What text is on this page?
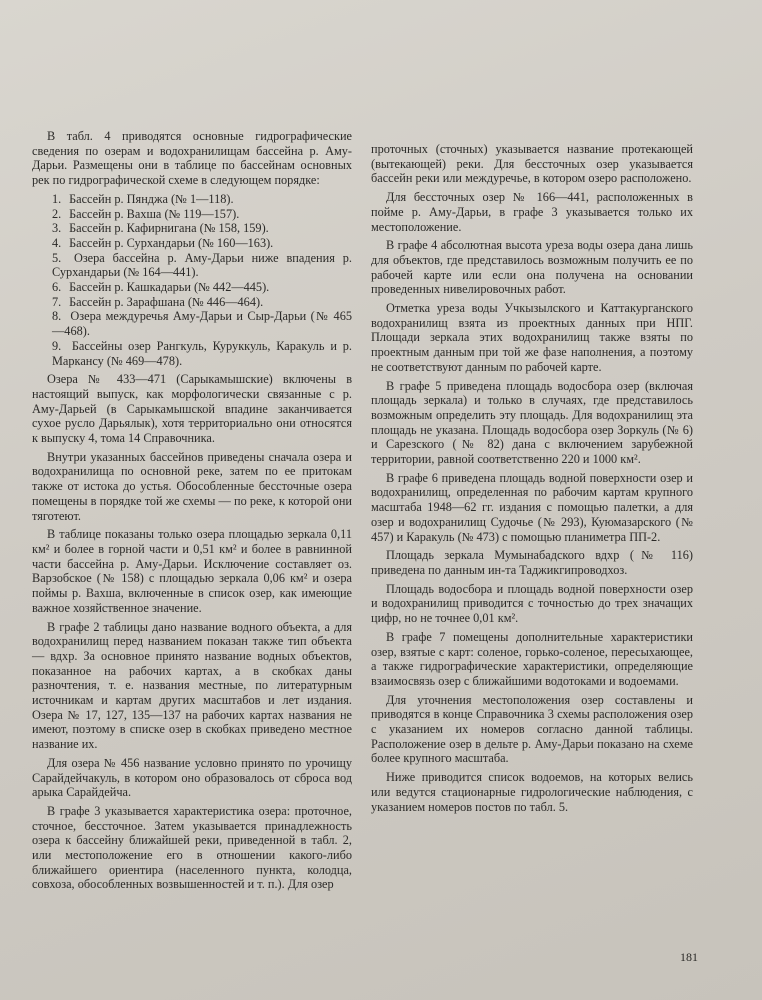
В табл. 4 приводятся основные гидрографические сведения по озерам и водохранилищам бассейна р. Аму-Дарьи. Размещены они в таблице по бассейнам основных рек по гидрографической схеме в следующем порядке:

1. Бассейн р. Пянджа (№ 1—118).
2. Бассейн р. Вахша (№ 119—157).
3. Бассейн р. Кафирнигана (№ 158, 159).
4. Бассейн р. Сурхандарьи (№ 160—163).
5. Озера бассейна р. Аму-Дарьи ниже впадения р. Сурхандарьи (№ 164—441).
6. Бассейн р. Кашкадарьи (№ 442—445).
7. Бассейн р. Зарафшана (№ 446—464).
8. Озера междуречья Аму-Дарьи и Сыр-Дарьи (№ 465—468).
9. Бассейны озер Рангкуль, Куруккуль, Каракуль и р. Маркансу (№ 469—478).

Озера № 433—471 (Сарыкамышские) включены в настоящий выпуск, как морфологически связанные с р. Аму-Дарьей (в Сарыкамышской впадине заканчивается сухое русло Дарьялык), хотя территориально они относятся к выпуску 4, тома 14 Справочника.

Внутри указанных бассейнов приведены сначала озера и водохранилища по основной реке, затем по ее притокам также от истока до устья. Обособленные бессточные озера помещены в порядке той же схемы — по реке, к которой они тяготеют.

В таблице показаны только озера площадью зеркала 0,11 км² и более в горной части и 0,51 км² и более в равнинной части бассейна р. Аму-Дарьи. Исключение составляет оз. Варзобское (№ 158) с площадью зеркала 0,06 км² и озера поймы р. Вахша, включенные в список озер, как имеющие важное хозяйственное значение.

В графе 2 таблицы дано название водного объекта, а для водохранилищ перед названием показан также тип объекта — вдхр. За основное принято название водных объектов, показанное на рабочих картах, а в скобках даны разночтения, т. е. названия местные, по литературным источникам и картам других масштабов и лет издания. Озера № 17, 127, 135—137 на рабочих картах названия не имеют, поэтому в списке озер в скобках приведено местное название их.

Для озера № 456 название условно принято по урочищу Сарайдейчакуль, в котором оно образовалось от сброса вод арыка Сарайдейча.

В графе 3 указывается характеристика озера: проточное, сточное, бессточное. Затем указывается принадлежность озера к бассейну ближайшей реки, приведенной в табл. 2, или местоположение его в отношении какого-либо ближайшего ориентира (населенного пункта, колодца, совхоза, обособленных возвышенностей и т. п.). Для озер

проточных (сточных) указывается название протекающей (вытекающей) реки. Для бессточных озер указывается бассейн реки или междуречье, в котором озеро расположено.

Для бессточных озер № 166—441, расположенных в пойме р. Аму-Дарьи, в графе 3 указывается только их местоположение.

В графе 4 абсолютная высота уреза воды озера дана лишь для объектов, где представилось возможным получить ее по рабочей карте или если она получена на основании проведенных нивелировочных работ.

Отметка уреза воды Учкызылского и Каттакурганского водохранилищ взята из проектных данных при НПГ. Площади зеркала этих водохранилищ также взяты по проектным данным при той же фазе наполнения, а поэтому не соответствуют данным по рабочей карте.

В графе 5 приведена площадь водосбора озер (включая площадь зеркала) и только в случаях, где представилось возможным определить эту площадь. Для водохранилищ эта площадь не указана. Площадь водосбора озер Зоркуль (№ 6) и Сарезского (№ 82) дана с включением зарубежной территории, равной соответственно 220 и 1000 км².

В графе 6 приведена площадь водной поверхности озер и водохранилищ, определенная по рабочим картам крупного масштаба 1948—62 гг. издания с помощью палетки, а для озер и водохранилищ Судочье (№ 293), Куюмазарского (№ 457) и Каракуль (№ 473) с помощью планиметра ПП-2.

Площадь зеркала Мумынабадского вдхр (№ 116) приведена по данным ин-та Таджикгипроводхоз.

Площадь водосбора и площадь водной поверхности озер и водохранилищ приводится с точностью до трех значащих цифр, но не точнее 0,01 км².

В графе 7 помещены дополнительные характеристики озер, взятые с карт: соленое, горько-соленое, пересыхающее, а также гидрографические характеристики, определяющие взаимосвязь озер с ближайшими водотоками и водоемами.

Для уточнения местоположения озер составлены и приводятся в конце Справочника 3 схемы расположения озер с указанием их номеров согласно данной таблицы. Расположение озер в дельте р. Аму-Дарьи показано на схеме более крупного масштаба.

Ниже приводится список водоемов, на которых велись или ведутся стационарные гидрологические наблюдения, с указанием номеров постов по табл. 5.

181
